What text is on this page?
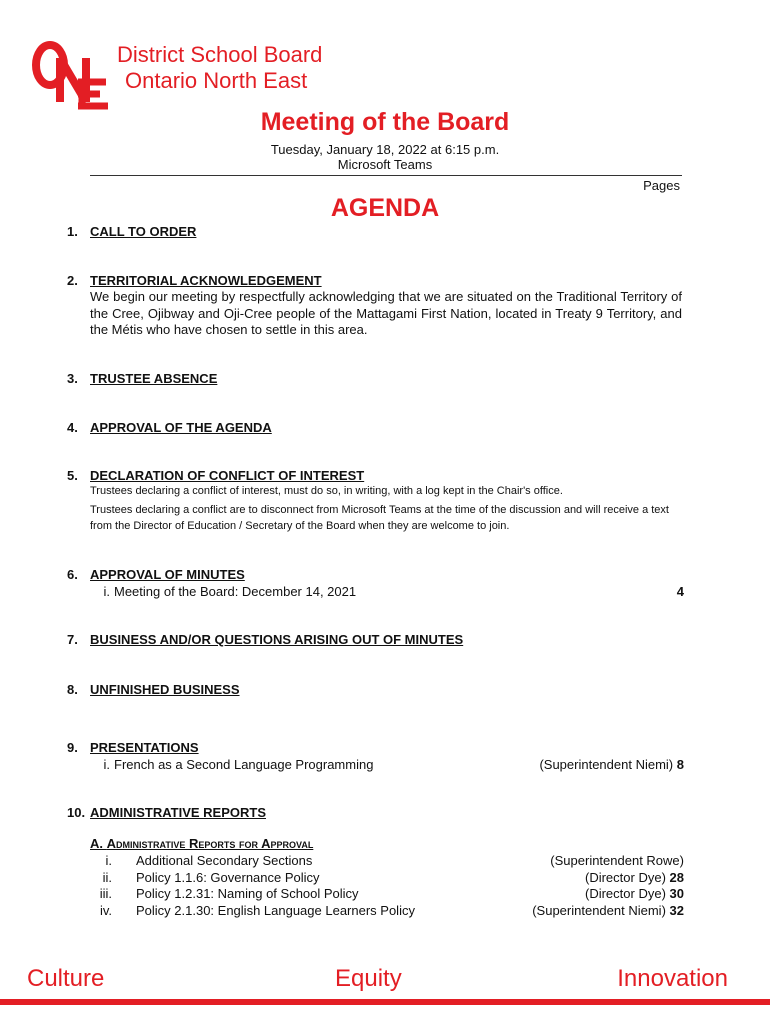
District School Board
Ontario North East
Meeting of the Board
Tuesday, January 18, 2022 at 6:15 p.m.
Microsoft Teams
Pages
AGENDA
1. CALL TO ORDER
2. TERRITORIAL ACKNOWLEDGEMENT
We begin our meeting by respectfully acknowledging that we are situated on the Traditional Territory of the Cree, Ojibway and Oji-Cree people of the Mattagami First Nation, located in Treaty 9 Territory, and the Métis who have chosen to settle in this area.
3. TRUSTEE ABSENCE
4. APPROVAL OF THE AGENDA
5. DECLARATION OF CONFLICT OF INTEREST
Trustees declaring a conflict of interest, must do so, in writing, with a log kept in the Chair's office.
Trustees declaring a conflict are to disconnect from Microsoft Teams at the time of the discussion and will receive a text from the Director of Education / Secretary of the Board when they are welcome to join.
6. APPROVAL OF MINUTES
i. Meeting of the Board: December 14, 2021	4
7. BUSINESS AND/OR QUESTIONS ARISING OUT OF MINUTES
8. UNFINISHED BUSINESS
9. PRESENTATIONS
i. French as a Second Language Programming	(Superintendent Niemi) 8
10. ADMINISTRATIVE REPORTS
A. Administrative Reports for Approval
i. Additional Secondary Sections	(Superintendent Rowe)
ii. Policy 1.1.6: Governance Policy	(Director Dye) 28
iii. Policy 1.2.31: Naming of School Policy	(Director Dye) 30
iv. Policy 2.1.30: English Language Learners Policy	(Superintendent Niemi) 32
Culture	Equity	Innovation
